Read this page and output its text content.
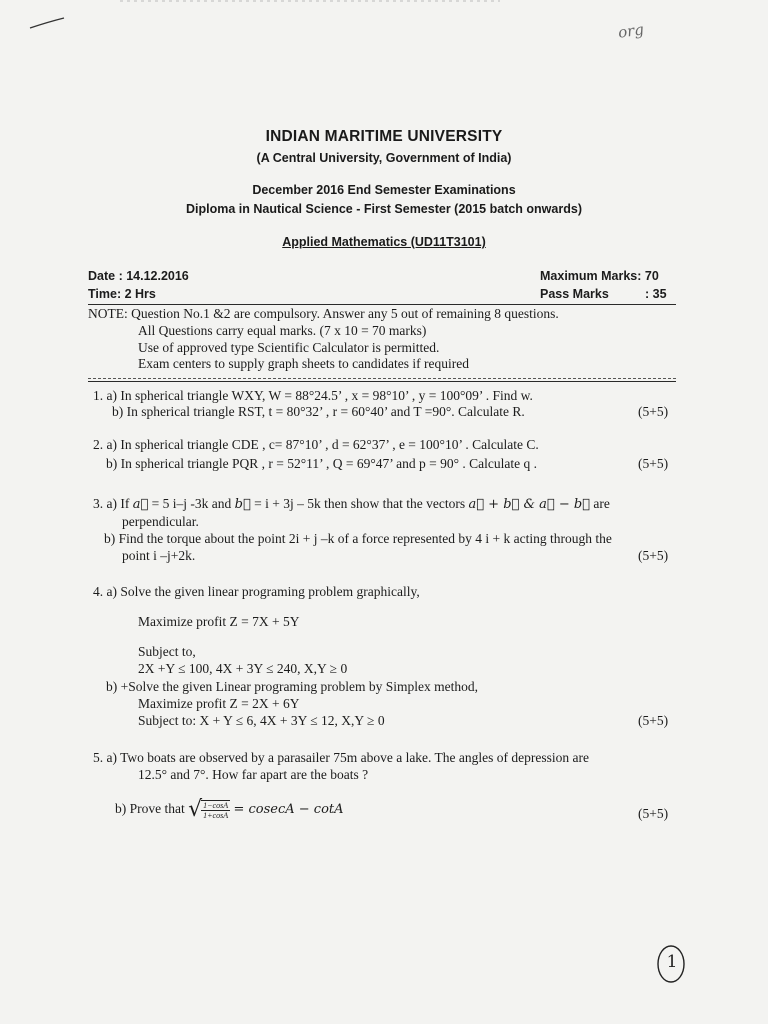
org
INDIAN MARITIME UNIVERSITY
(A Central University, Government of India)
December 2016 End Semester Examinations
Diploma in Nautical Science - First Semester (2015 batch onwards)
Applied Mathematics (UD11T3101)
Date : 14.12.2016
Time: 2 Hrs
Maximum Marks: 70
Pass Marks	: 35
NOTE: Question No.1 &2 are compulsory. Answer any 5 out of remaining 8 questions.
All Questions carry equal marks. (7 x 10 = 70 marks)
Use of approved type Scientific Calculator is permitted.
Exam centers to supply graph sheets to candidates if required
1. a) In spherical triangle WXY, W = 88°24.5’ , x = 98°10’ , y = 100°09’ . Find w.
b) In spherical triangle RST, t = 80°32’ , r = 60°40’ and T =90°. Calculate R.	(5+5)
2. a) In spherical triangle CDE , c= 87°10’ , d = 62°37’ , e = 100°10’ . Calculate C.
b) In spherical triangle PQR , r = 52°11’ , Q = 69°47’ and p = 90° . Calculate q .	(5+5)
3. a) If a⃗ = 5 i–j -3k and b⃗ = i + 3j – 5k then show that the vectors a⃗ + b⃗ & a⃗ − b⃗ are
perpendicular.
b) Find the torque about the point 2i + j –k of a force represented by 4 i + k acting through the
point i –j+2k.	(5+5)
4. a) Solve the given linear programing problem graphically,
Maximize profit Z = 7X + 5Y
Subject to,
2X +Y ≤ 100, 4X + 3Y ≤ 240, X,Y ≥ 0
b) +Solve the given Linear programing problem by Simplex method,
Maximize profit Z = 2X + 6Y
Subject to: X + Y ≤ 6, 4X + 3Y ≤ 12, X,Y ≥ 0	(5+5)
5. a) Two boats are observed by a parasailer 75m above a lake. The angles of depression are
12.5° and 7°. How far apart are the boats ?
b) Prove that √ $\frac{1-\cos A}{1+\cos A} = cosecA - \cot A$	(5+5)
1
